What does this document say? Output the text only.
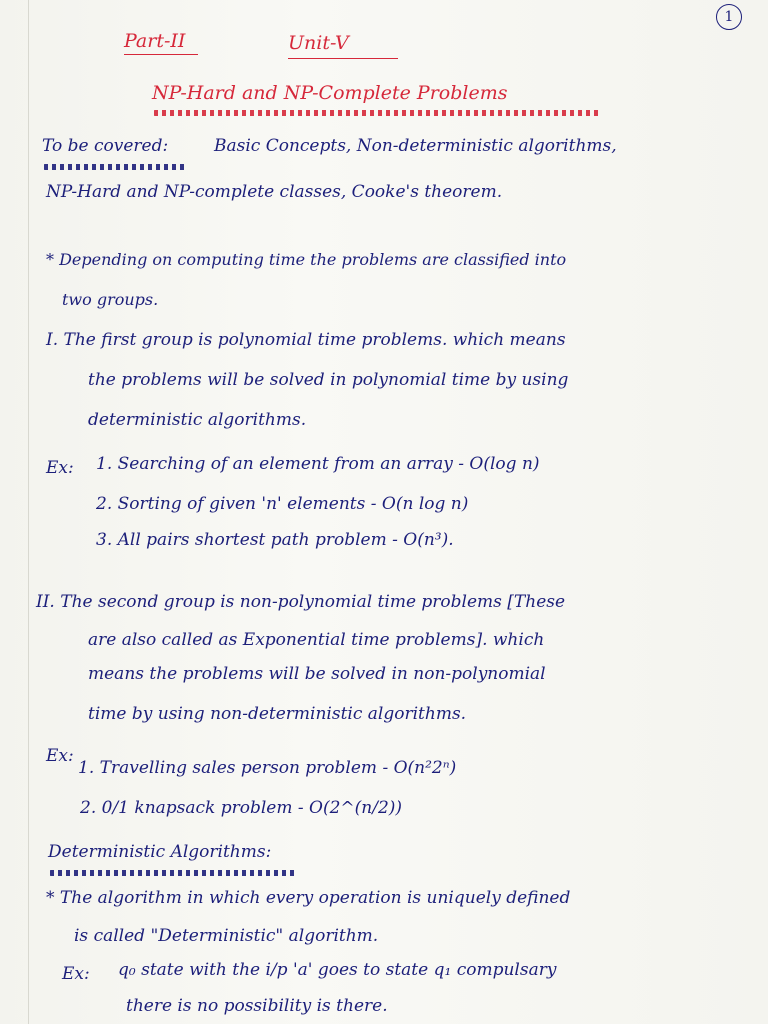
1
Part-II	Unit-V
NP-Hard and NP-Complete Problems
To be covered:	Basic Concepts, Non-deterministic algorithms,
NP-Hard and NP-complete classes, Cooke's theorem.
* Depending on computing time the problems are classified into
two groups.
I. The first group is polynomial time problems. which means
the problems will be solved in polynomial time by using
deterministic algorithms.
Ex: 1. Searching of an element from an array - O(log n)
2. Sorting of given 'n' elements - O(n log n)
3. All pairs shortest path problem - O(n³).
II. The second group is non-polynomial time problems [These
are also called as Exponential time problems]. which
means the problems will be solved in non-polynomial
time by using non-deterministic algorithms.
Ex:
1. Travelling sales person problem - O(n²2ⁿ)
2. 0/1 knapsack problem - O(2^(n/2))
Deterministic Algorithms:
* The algorithm in which every operation is uniquely defined
is called "Deterministic" algorithm.
Ex: q₀ state with the i/p 'a' goes to state q₁ compulsary
there is no possibility is there.
